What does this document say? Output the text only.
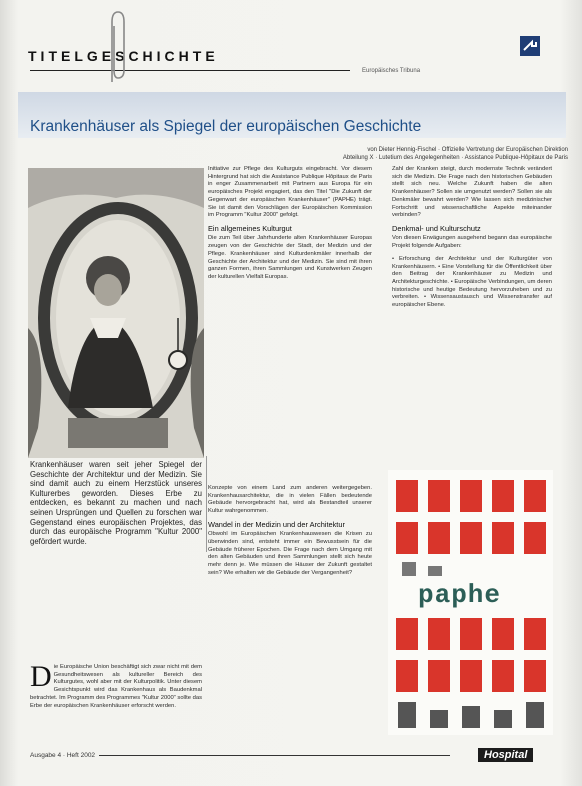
TITELGESCHICHTE
Europäisches Tribuna
Krankenhäuser als Spiegel der europäischen Geschichte
von Dieter Hennig-Fischel · Offizielle Vertretung der Europäischen Direktion
Abteilung X · Lutetium des Angelegenheiten · Assistance Publique-Hôpitaux de Paris

Initiative zur Pflege des Kulturguts eingebracht. Vor diesem Hintergrund hat sich die Assistance Publique Hôpitaux de Paris in enger Zusammenarbeit mit Partnern aus Europa für ein europäisches Projekt engagiert, das den Titel "Die Zukunft der Gegenwart der europäischen Krankenhäuser" (PAPHE) trägt. Sie ist damit den Vorschlägen der Europäischen Kommission im Programm "Kultur 2000" gefolgt.

Ein allgemeines Kulturgut

Die zum Teil über Jahrhunderte alten Krankenhäuser Europas zeugen von der Geschichte der Stadt, der Medizin und der Pflege. Krankenhäuser sind Kulturdenkmäler innerhalb der Geschichte der Architektur und der Medizin. Sie sind mit ihren ganzen Formen, ihren Sammlungen und Kunstwerken Zeugen der kulturellen Vielfalt Europas.

Zahl der Kranken steigt, durch modernste Technik verändert sich die Medizin. Die Frage nach den historischen Gebäuden stellt sich neu. Welche Zukunft haben die alten Krankenhäuser? Sollen sie umgenutzt werden? Sollen sie als Denkmäler bewahrt werden? Wie lassen sich medizinischer Fortschritt und wissenschaftliche Aspekte miteinander verbinden?

Denkmal- und Kulturschutz

Von diesen Erwägungen ausgehend begann das europäische Projekt folgende Aufgaben:

• Erforschung der Architektur und der Kulturgüter von Krankenhäusern. • Eine Vorstellung für die Öffentlichkeit über den Beitrag der Krankenhäuser zu Medizin und Architekturgeschichte. • Europäische Verbindungen, um deren historische und heutige Bedeutung hervorzuheben und zu verbreiten. • Wissensaustausch und Wissenstransfer auf europäischer Ebene.

Krankenhäuser waren seit jeher Spiegel der Geschichte der Architektur und der Medizin. Sie sind damit auch zu einem Herzstück unseres Kulturerbes geworden. Dieses Erbe zu entdecken, es bekannt zu machen und nach seinen Ursprüngen und Quellen zu forschen war Gegenstand eines europäischen Projektes, das durch das europäische Programm "Kultur 2000" gefördert wurde.

Konzepte von einem Land zum anderen weitergegeben. Krankenhausarchitektur, die in vielen Fällen bedeutende Gebäude hervorgebracht hat, wird als Bestandteil unserer Kultur wahrgenommen.

Wandel in der Medizin und der Architektur

Obwohl im Europäischen Krankenhauswesen die Krisen zu überwinden sind, entsteht immer ein Bewusstsein für die Gebäude früherer Epochen. Die Frage nach dem Umgang mit den alten Gebäuden und ihren Sammlungen stellt sich heute mehr denn je. Wie müssen die Häuser der Zukunft gestaltet sein? Wie erhalten wir die Gebäude der Vergangenheit?

Die Europäische Union beschäftigt sich zwar nicht mit dem Gesundheitswesen als kultureller Bereich des Kulturgutes, wohl aber mit der Kulturpolitik. Unter diesem Gesichtspunkt wird das Krankenhaus als Baudenkmal betrachtet. Im Programm des Programmes "Kultur 2000" sollte das Erbe der europäischen Krankenhäuser erforscht werden.
paphe
Ausgabe 4 · Heft 2002	Hospital
